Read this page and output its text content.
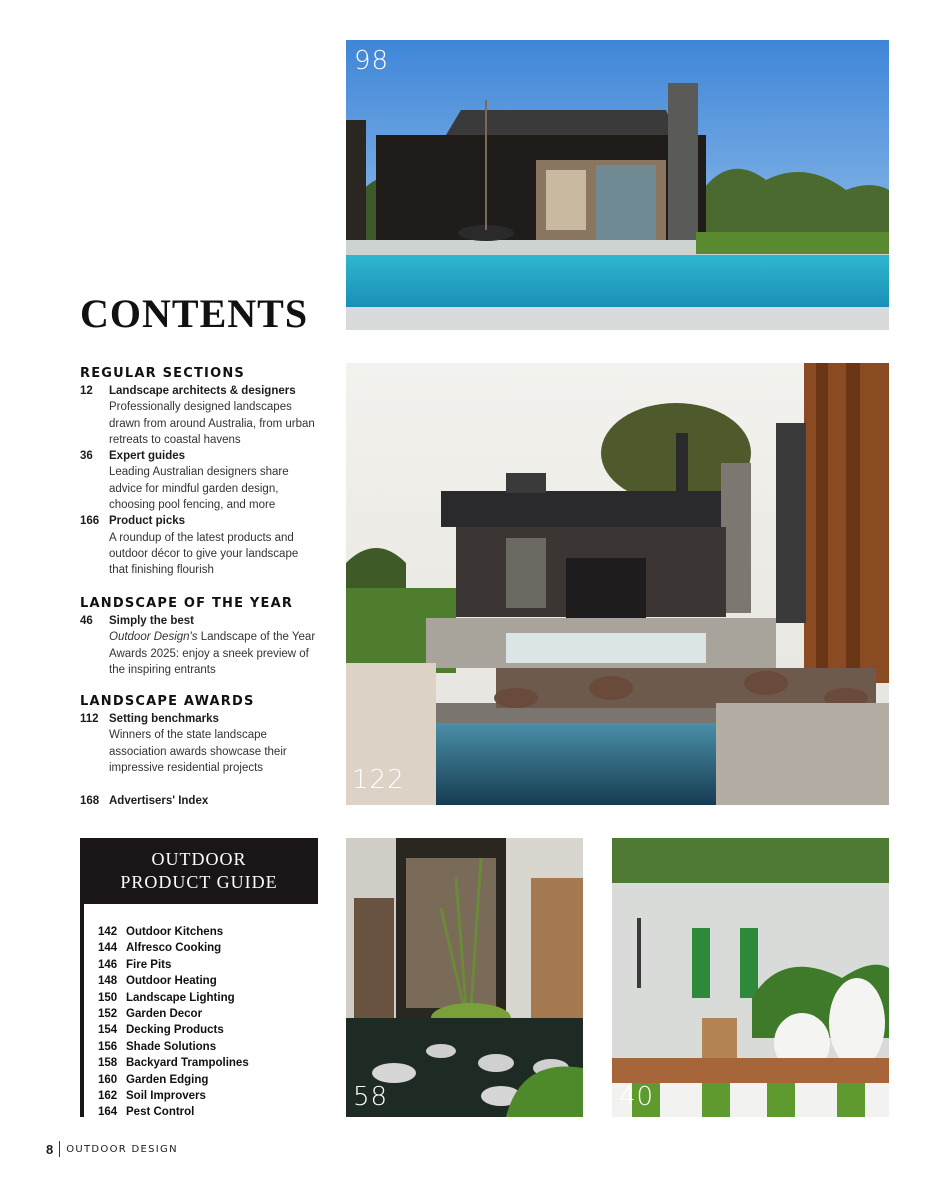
98
CONTENTS
122
REGULAR SECTIONS
12	Landscape architects & designers
Professionally designed landscapes drawn from around Australia, from urban retreats to coastal havens
36	Expert guides
Leading Australian designers share advice for mindful garden design, choosing pool fencing, and more
166 Product picks
A roundup of the latest products and outdoor décor to give your landscape that finishing flourish
LANDSCAPE OF THE YEAR
46	Simply the best
Outdoor Design's Landscape of the Year Awards 2025: enjoy a sneek preview of the inspiring entrants
LANDSCAPE AWARDS
112 Setting benchmarks
Winners of the state landscape association awards showcase their impressive residential projects
168 Advertisers' Index
OUTDOOR
PRODUCT GUIDE
142 Outdoor Kitchens
144 Alfresco Cooking
146 Fire Pits
148 Outdoor Heating
150 Landscape Lighting
152 Garden Decor
154 Decking Products
156 Shade Solutions
158 Backyard Trampolines
160 Garden Edging
162 Soil Improvers
164 Pest Control
58	40
8 OUTDOOR DESIGN
